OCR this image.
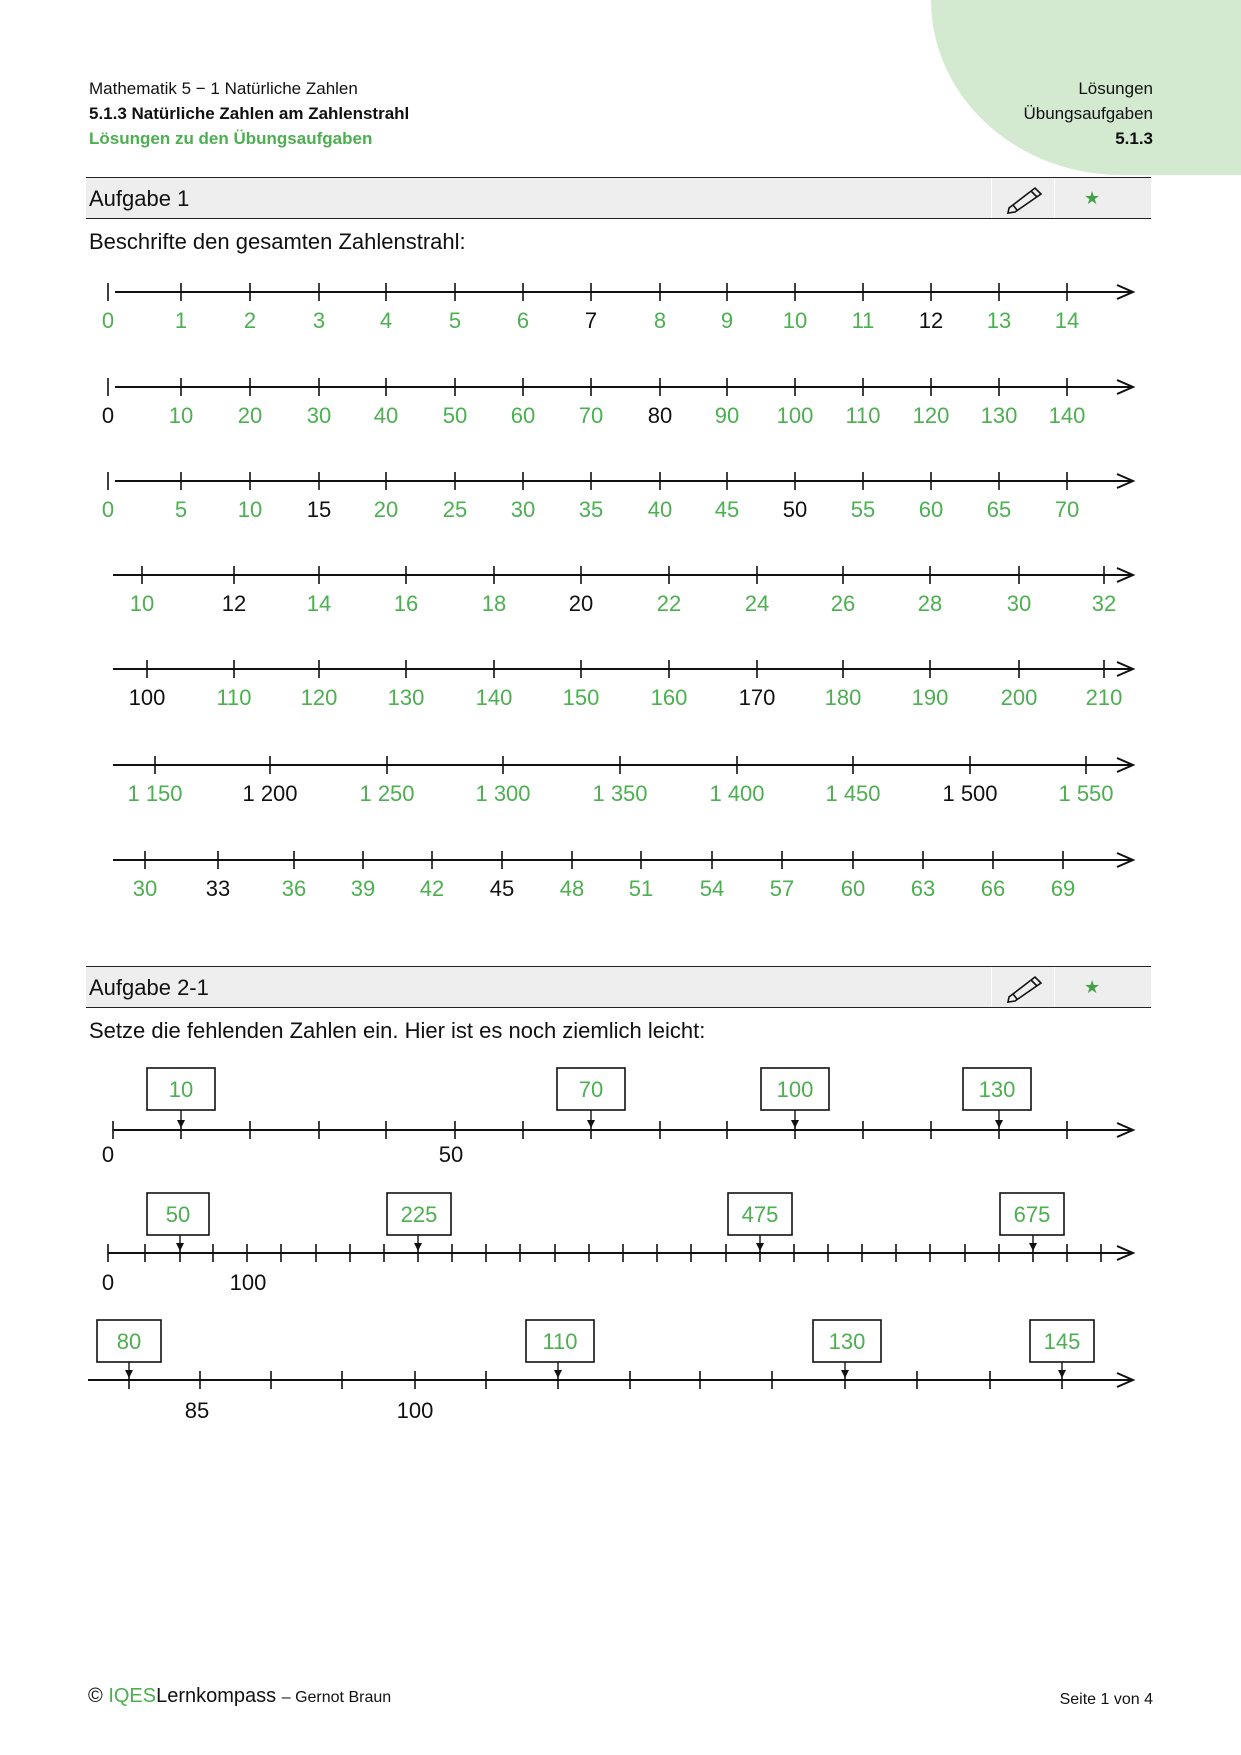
Mathematik 5 − 1 Natürliche Zahlen
5.1.3 Natürliche Zahlen am Zahlenstrahl
Lösungen zu den Übungsaufgaben
Lösungen
Übungsaufgaben
5.1.3
Aufgabe 1	★
Beschrifte den gesamten Zahlenstrahl:
Aufgabe 2-1	★
Setze die fehlenden Zahlen ein. Hier ist es noch ziemlich leicht:
0	1	2	3 4	5	6	7	8 9 10 11 12 13 14
0 10 20 30 40 50 60 70 80 90 100 110 120 130 140
0	5 10 15 20 25 30 35 40 45 50 55 60 65 70
10	12	14	16	18	20	22	24	26	28	30	32
100 110 120 130 140 150 160 170 180 190 200 210
1 150	1 200	1 250	1 300	1 350	1 400	1 450	1 500	1 550
30 33 36 39 42 45 48 51 54 57 60 63 66 69
0	50
10	70	100	130
0	100
50	225	475	675
85	100
80	110	130	145
© IQESLernkompass – Gernot Braun	Seite 1 von 4
